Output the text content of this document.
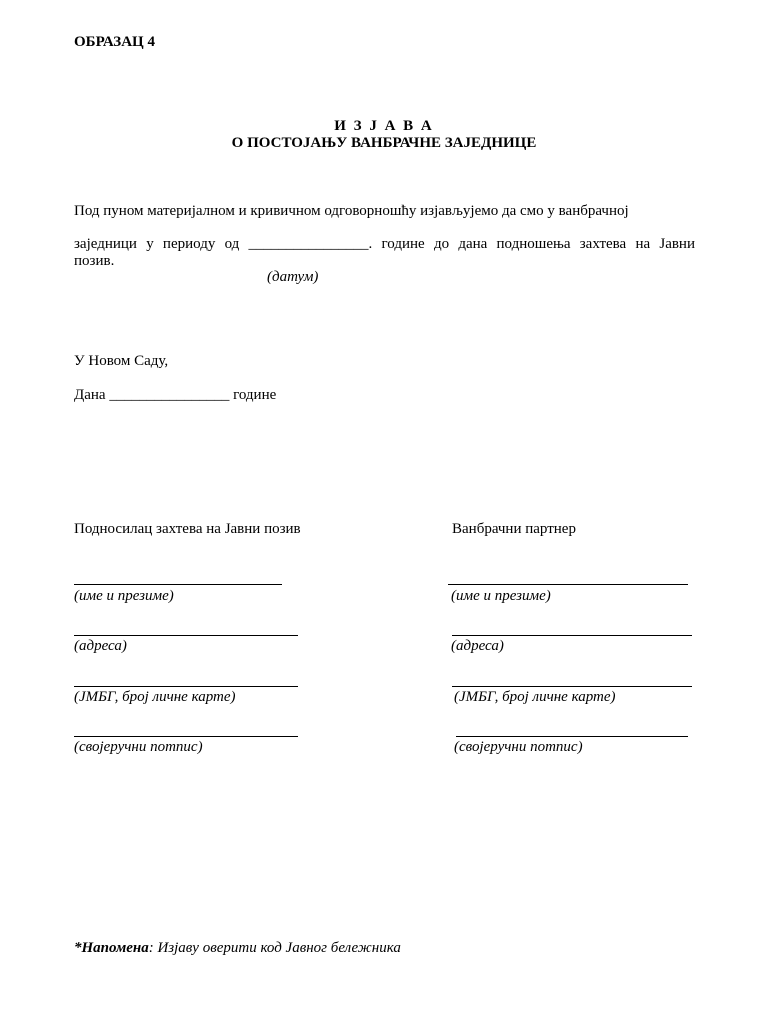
ОБРАЗАЦ 4
И З Ј А В А
О ПОСТОЈАЊУ ВАНБРАЧНЕ ЗАЈЕДНИЦЕ
Под пуном материјалном и кривичном одговорношћу изјављујемо да смо у ванбрачној
заједници у периоду од ________________. године до дана подношења захтева на Јавни
позив.
(датум)
У Новом Саду,
Дана ________________ године
Подносилац захтева на Јавни позив	Ванбрачни партнер
(име и презиме)
(адреса)
(ЈМБГ, број личне карте)
(својеручни потпис)
(име и презиме)
(адреса)
(ЈМБГ, број личне карте)
(својеручни потпис)
*Напомена: Изјаву оверити код Јавног бележника
